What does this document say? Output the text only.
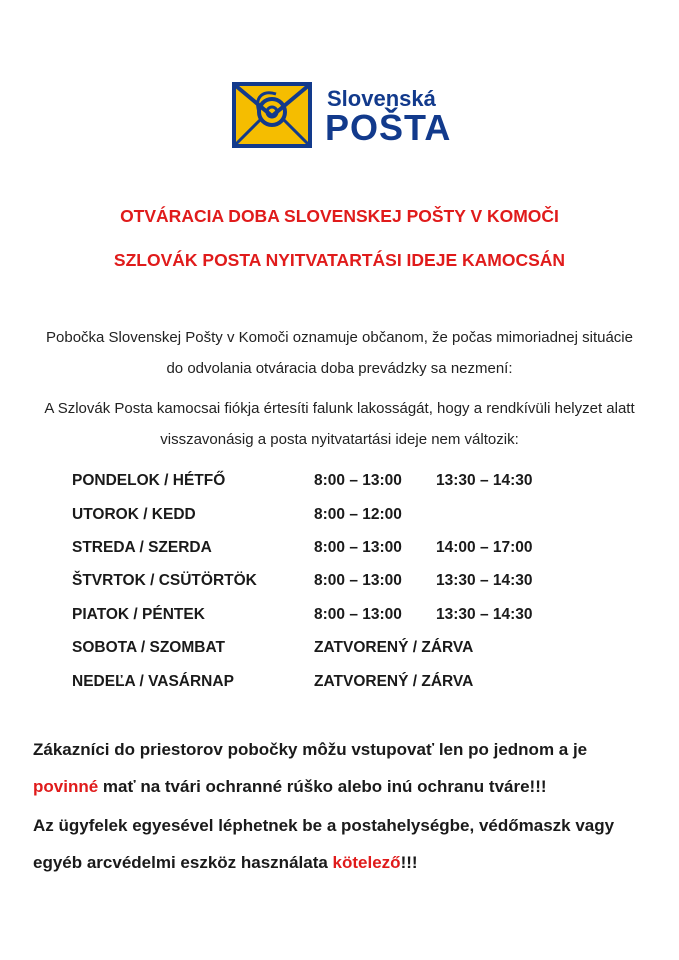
Slovenská
POŠTA
OTVÁRACIA DOBA SLOVENSKEJ POŠTY V KOMOČI
SZLOVÁK POSTA NYITVATARTÁSI IDEJE KAMOCSÁN
Pobočka Slovenskej Pošty v Komoči oznamuje občanom, že počas mimoriadnej situácie
do odvolania otváracia doba prevádzky sa nezmení:
A Szlovák Posta kamocsai fiókja értesíti falunk lakosságát, hogy a rendkívüli helyzet alatt
visszavonásig a posta nyitvatartási ideje nem változik:
PONDELOK / HÉTFŐ	8:00 – 13:00 13:30 – 14:30
UTOROK / KEDD	8:00 – 12:00
STREDA / SZERDA	8:00 – 13:00 14:00 – 17:00
ŠTVRTOK / CSÜTÖRTÖK	8:00 – 13:00 13:30 – 14:30
PIATOK / PÉNTEK	8:00 – 13:00 13:30 – 14:30
SOBOTA / SZOMBAT	ZATVORENÝ / ZÁRVA
NEDEĽA / VASÁRNAP	ZATVORENÝ / ZÁRVA
Zákazníci do priestorov pobočky môžu vstupovať len po jednom a je
povinné mať na tvári ochranné rúško alebo inú ochranu tváre!!!
Az ügyfelek egyesével léphetnek be a postahelységbe, védőmaszk vagy
egyéb arcvédelmi eszköz használata kötelező!!!
